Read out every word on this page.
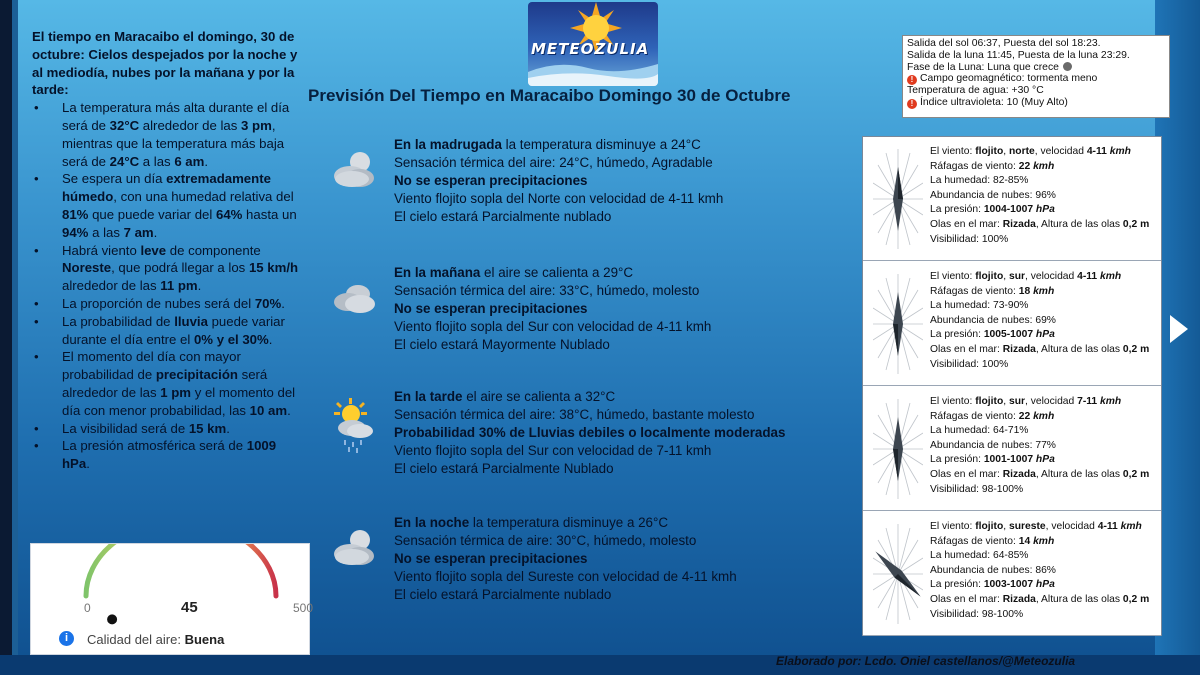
El tiempo en Maracaibo el domingo, 30 de octubre: Cielos despejados por la noche y al mediodía, nubes por la mañana y por la tarde:
• La temperatura más alta durante el día será de 32°C alrededor de las 3 pm, mientras que la temperatura más baja será de 24°C a las 6 am.
• Se espera un día extremadamente húmedo, con una humedad relativa del 81% que puede variar del 64% hasta un 94% a las 7 am.
• Habrá viento leve de componente Noreste, que podrá llegar a los 15 km/h alrededor de las 11 pm.
• La proporción de nubes será del 70%.
• La probabilidad de lluvia puede variar durante el día entre el 0% y el 30%.
• El momento del día con mayor probabilidad de precipitación será alrededor de las 1 pm y el momento del día con menor probabilidad, las 10 am.
• La visibilidad será de 15 km.
• La presión atmosférica será de 1009 hPa.
0	45	500
i	Calidad del aire: Buena
METEOZULIA
Previsión Del Tiempo en Maracaibo Domingo 30 de Octubre
Salida del sol 06:37, Puesta del sol 18:23.
Salida de la luna 11:45, Puesta de la luna 23:29.
Fase de la Luna: Luna que crece
! Campo geomagnético: tormenta meno
Temperatura de agua: +30 °C
! Índice ultravioleta: 10 (Muy Alto)
En la madrugada la temperatura disminuye a 24°C
Sensación térmica del aire: 24°C, húmedo, Agradable
No se esperan precipitaciones
Viento flojito sopla del Norte con velocidad de 4-11 kmh
El cielo estará Parcialmente nublado
En la mañana el aire se calienta a 29°C
Sensación térmica del aire: 33°C, húmedo, molesto
No se esperan precipitaciones
Viento flojito sopla del Sur con velocidad de 4-11 kmh
El cielo estará Mayormente Nublado
En la tarde el aire se calienta a 32°C
Sensación térmica del aire: 38°C, húmedo, bastante molesto
Probabilidad 30% de Lluvias debiles o localmente moderadas
Viento flojito sopla del Sur con velocidad de 7-11 kmh
El cielo estará Parcialmente Nublado
En la noche la temperatura disminuye a 26°C
Sensación térmica de aire: 30°C, húmedo, molesto
No se esperan precipitaciones
Viento flojito sopla del Sureste con velocidad de 4-11 kmh
El cielo estará Parcialmente nublado
El viento: flojito, norte, velocidad 4-11 kmh
Ráfagas de viento: 22 kmh
La humedad: 82-85%
Abundancia de nubes: 96%
La presión: 1004-1007 hPa
Olas en el mar: Rizada, Altura de las olas 0,2 m
Visibilidad: 100%
El viento: flojito, sur, velocidad 4-11 kmh
Ráfagas de viento: 18 kmh
La humedad: 73-90%
Abundancia de nubes: 69%
La presión: 1005-1007 hPa
Olas en el mar: Rizada, Altura de las olas 0,2 m
Visibilidad: 100%
El viento: flojito, sur, velocidad 7-11 kmh
Ráfagas de viento: 22 kmh
La humedad: 64-71%
Abundancia de nubes: 77%
La presión: 1001-1007 hPa
Olas en el mar: Rizada, Altura de las olas 0,2 m
Visibilidad: 98-100%
El viento: flojito, sureste, velocidad 4-11 kmh
Ráfagas de viento: 14 kmh
La humedad: 64-85%
Abundancia de nubes: 86%
La presión: 1003-1007 hPa
Olas en el mar: Rizada, Altura de las olas 0,2 m
Visibilidad: 98-100%
Elaborado por: Lcdo. Oniel castellanos/@Meteozulia
